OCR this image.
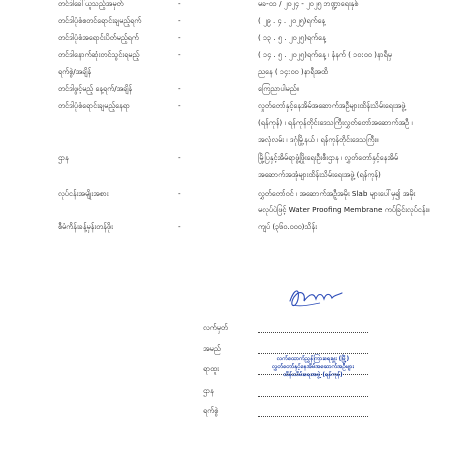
တင်ဒါခေါ်ယူသည့်အမှတ်	-	မခ-၀၁ / ၂၀၂၄ - ၂၀၂၅ ဘဏ္ဍာရေးနှစ်
တင်ဒါပုံစံစတင်ရောင်းချမည့်ရက်	-	( ၂၉ . ၄ . ၂၀၂၅)ရက်နေ့
တင်ဒါပုံစံအရောင်းပိတ်မည့်ရက်	-	( ၁၃ . ၅ . ၂၀၂၅)ရက်နေ့
တင်ဒါနောက်ဆုံးတင်သွင်းရမည့်	-	( ၁၄ . ၅ . ၂၀၂၅)ရက်နေ့ ၊ နံနက် ( ၁၀:၀၀ )နာရီမှ
ရက်စွဲ/အချိန်	ညနေ ( ၁၄:၀၀ )နာရီအထိ
တင်ဒါဖွင့်မည့် နေ့ရက်/အချိန်	-	ကြေညာပါမည်။
တင်ဒါပုံစံရောင်းချမည့်နေရာ	-	လှုတ်တော်နှင့်နေအိမ်အဆောက်အဦများထိန်းသိမ်းရေးအဖွဲ့
(ရန်ကုန်) ၊ ရန်ကုန်တိုင်းဒေသကြီးလွှတ်တော်အဆောက်အဦ ၊
အလုံလမ်း ၊ ဒဂုံမြို့နယ် ၊ ရန်ကုန်တိုင်းဒေသကြီး။
ဌာန	-	မြို့ပြနှင့်အိမ်ရာဖွံ့ဖြိုးရေးဦးစီးဌာန ၊ လွှတ်တော်နှင့်နေအိမ်
အဆောက်အအုံများထိန်းသိမ်းရေးအဖွဲ့ (ရန်ကုန်)
လုပ်ငန်းအမျိုးအစား	-	လွှတ်တော်ဝင် ၊ အဆောက်အဦ့အမိုး Slab များပေါ်မှ၍ အမိုး
မလုပ်ပဲဖြင့် Water Proofing Membrane ကပ်ခြင်းလုပ်ငန်း။
စီမံကိန်းခန့်မှန်းတန်ဖိုး	-	ကျပ် (၃၆၀.၀၀၀)သိန်း
လက်မှတ်
အမည်
ရာထူး
လက်ထောက်ညွှန်ကြားရေးမှူး (မြို့)
လွှတ်တော်နှင့်နေအိမ်အဆောက်အဦများ
ထိန်းသိမ်းရေးအဖွဲ့ (ရန်ကုန်)
ဌာန
ရက်စွဲ
